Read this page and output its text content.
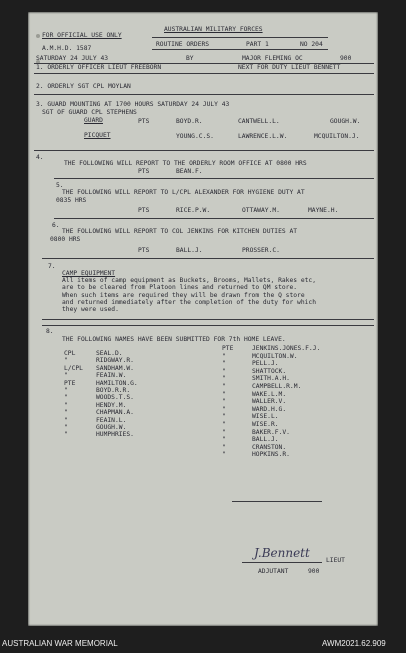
FOR OFFICIAL USE ONLY
AUSTRALIAN MILITARY FORCES
A.M.H.D. 1587
ROUTINE ORDERS	PART 1	NO 204
SATURDAY 24 JULY 43	BY	MAJOR FLEMING OC	900
1. ORDERLY OFFICER LIEUT FREEBORN	NEXT FOR DUTY LIEUT BENNETT
2. ORDERLY SGT CPL MOYLAN
3. GUARD MOUNTING AT 1700 HOURS SATURDAY 24 JULY 43
SGT OF GUARD CPL STEPHENS
GUARD	PTS	BOYD.R.	CANTWELL.L.	GOUGH.W.
PICQUET	YOUNG.C.S.	LAWRENCE.L.W.	MCQUILTON.J.
4.
THE FOLLOWING WILL REPORT TO THE ORDERLY ROOM OFFICE AT 0800 HRS
PTS	BEAN.F.
5.
THE FOLLOWING WILL REPORT TO L/CPL ALEXANDER FOR HYGIENE DUTY AT
0835 HRS
PTS	RICE.P.W.	OTTAWAY.M.	MAYNE.H.
6.
THE FOLLOWING WILL REPORT TO COL JENKINS FOR KITCHEN DUTIES AT
0800 HRS
PTS	BALL.J.	PROSSER.C.
7.
CAMP EQUIPMENT
All items of camp equipment as Buckets, Brooms, Mallets, Rakes etc,
are to be cleared from Platoon lines and returned to QM store.
When such items are required they will be drawn from the Q store
and returned immediately after the completion of the duty for which
they were used.
8.
THE FOLLOWING NAMES HAVE BEEN SUBMITTED FOR 7th HOME LEAVE.
CPL	SEAL.D.
"	RIDGWAY.R.
L/CPL SANDHAM.W.
"	FEAIN.W.
PTE	HAMILTON.G.
"	BOYD.R.R.
"	WOODS.T.S.
"	HENDY.M.
"	CHAPMAN.A.
"	FEAIN.L.
"	GOUGH.W.
"	HUMPHRIES.
PTE	JENKINS.JONES.F.J.
"	MCQUILTON.W.
"	PELL.J.
"	SHATTOCK.
"	SMITH.A.H.
"	CAMPBELL.R.M.
"	WAKE.L.M.
"	WALLER.V.
"	WARD.H.G.
"	WISE.L.
"	WISE.R.
"	BAKER.F.V.
"	BALL.J.
"	CRANSTON.
"	HOPKINS.R.
J.Bennett
LIEUT
ADJUTANT	900
AUSTRALIAN WAR MEMORIAL	AWM2021.62.909
